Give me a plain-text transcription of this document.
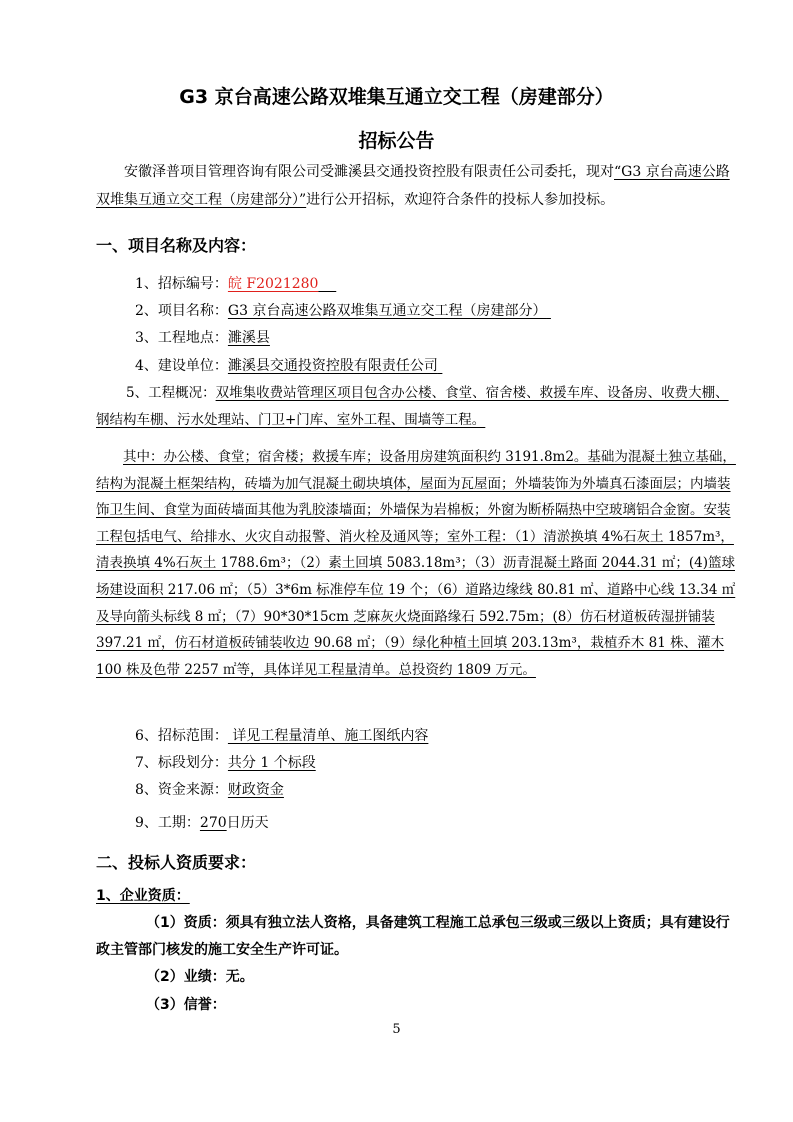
G3 京台高速公路双堆集互通立交工程（房建部分）
招标公告
安徽泽普项目管理咨询有限公司受濉溪县交通投资控股有限责任公司委托，现对“G3 京台高速公路双堆集互通立交工程（房建部分）”进行公开招标，欢迎符合条件的投标人参加投标。
一、项目名称及内容：
1、招标编号：皖 F2021280
2、项目名称：G3 京台高速公路双堆集互通立交工程（房建部分）
3、工程地点：濉溪县
4、建设单位：濉溪县交通投资控股有限责任公司
5、工程概况：双堆集收费站管理区项目包含办公楼、食堂、宿舍楼、救援车库、设备房、收费大棚、钢结构车棚、污水处理站、门卫+门库、室外工程、围墙等工程。
其中：办公楼、食堂；宿舍楼；救援车库；设备用房建筑面积约 3191.8m2。基础为混凝土独立基础，结构为混凝土框架结构，砖墙为加气混凝土砌块填体，屋面为瓦屋面；外墙装饰为外墙真石漆面层；内墙装饰卫生间、食堂为面砖墙面其他为乳胶漆墙面；外墙保为岩棉板；外窗为断桥隔热中空玻璃铝合金窗。安装工程包括电气、给排水、火灾自动报警、消火栓及通风等；室外工程：（1）清淤换填 4%石灰土 1857m³，清表换填 4%石灰土 1788.6m³；（2）素土回填 5083.18m³；（3）沥青混凝土路面 2044.31 ㎡；(4)篮球场建设面积 217.06 ㎡；（5）3*6m 标准停车位 19 个；（6）道路边缘线 80.81 ㎡、道路中心线 13.34 ㎡及导向箭头标线 8 ㎡；（7）90*30*15cm 芝麻灰火烧面路缘石 592.75m；(8）仿石材道板砖湿拼铺装 397.21 ㎡，仿石材道板砖铺装收边 90.68 ㎡；（9）绿化种植土回填 203.13m³，栽植乔木 81 株、灌木 100 株及色带 2257 ㎡等，具体详见工程量清单。总投资约 1809 万元。
6、招标范围： 详见工程量清单、施工图纸内容
7、标段划分：共分 1 个标段
8、资金来源：财政资金
9、工期：270日历天
二、投标人资质要求：
1、企业资质：
（1）资质：须具有独立法人资格，具备建筑工程施工总承包三级或三级以上资质；具有建设行政主管部门核发的施工安全生产许可证。
（2）业绩：无。
（3）信誉：
5
